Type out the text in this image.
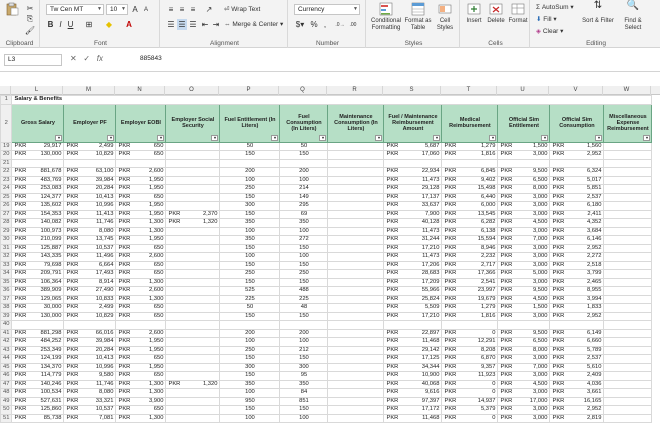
✂
⎘
🖌
Clipboard
Tw Cen MT	▼	10 ▼ A	A
B I U	⊞	◆	A
Font
≡ ≡ ≡	↗
☰ ☰ ☰ ⇤ ⇥
⏎ Wrap Text
⇔ Merge & Center ▾
Alignment
Currency	▼
$▾ % ,	.0→ .00
Number
Conditional Formatting
Format as Table
Cell Styles
Styles
Insert Delete Format
Cells
Σ AutoSum ▾
⬇ Fill ▾
◈ Clear ▾
⇅
Sort & Filter
🔍
Find & Select
Editing
L3	✕ ✓ fx	885843
L	M	N	O	P	Q	R	S	T	U	V	W
1	Salary & Benefits											
2	Gross Salary
▾	Employer PF
▾	Employer EOBI
▾	Employer Social Security
▾	Fuel Entitlement (In Liters)
▾	Fuel Consumption (In Liters)
▾	Maintenance Consumption (In Liters)
▾	Fuel / Maintenance Reimbursement Amount
▾	Medical Reimbursement
▾	Official Sim Entitlement
▾	Official Sim Consumption
▾	Miscellaneous Expense Reimbursement
▾

19	PKR 29,917	PKR 2,499	PKR 650		50	50		PKR 5,687	PKR 1,279	PKR 1,500	PKR 1,560	

20	PKR 130,000	PKR 10,829	PKR 650		150	150		PKR 17,060	PKR 1,816	PKR 3,000	PKR 2,952	

21												
22	PKR 881,678	PKR 63,100	PKR 2,600		200	200		PKR 22,934	PKR 6,845	PKR 9,500	PKR 6,324	

23	PKR 483,769	PKR 39,984	PKR 1,950		100	100		PKR 11,473	PKR 9,402	PKR 6,500	PKR 5,017	

24	PKR 253,083	PKR 20,284	PKR 1,950		250	214		PKR 29,128	PKR 15,498	PKR 8,000	PKR 5,851	

25	PKR 124,377	PKR 10,413	PKR 650		150	149		PKR 17,137	PKR 6,440	PKR 3,000	PKR 2,537	

26	PKR 135,602	PKR 10,996	PKR 1,950		300	295		PKR 33,637	PKR 6,000	PKR 3,000	PKR 6,180	

27	PKR 154,353	PKR 11,413	PKR 1,950	PKR 2,370	150	69		PKR 7,900	PKR 13,545	PKR 3,000	PKR 2,411	

28	PKR 140,082	PKR 11,746	PKR 1,300	PKR 1,320	350	350		PKR 40,128	PKR 6,282	PKR 4,500	PKR 4,352	

29	PKR 100,973	PKR 8,080	PKR 1,300		100	100		PKR 11,473	PKR 6,138	PKR 3,000	PKR 3,684	

30	PKR 210,099	PKR 13,745	PKR 1,950		350	272		PKR 31,244	PKR 15,594	PKR 7,000	PKR 6,146	

31	PKR 125,887	PKR 10,537	PKR 650		150	150		PKR 17,210	PKR 8,946	PKR 3,000	PKR 2,952	

32	PKR 143,335	PKR 11,496	PKR 2,600		100	100		PKR 11,473	PKR 2,232	PKR 3,000	PKR 2,272	

33	PKR 79,698	PKR 6,664	PKR 650		150	150		PKR 17,206	PKR 2,717	PKR 3,000	PKR 2,518	

34	PKR 209,791	PKR 17,493	PKR 650		250	250		PKR 28,683	PKR 17,366	PKR 5,000	PKR 3,799	

35	PKR 106,364	PKR 8,914	PKR 1,300		150	150		PKR 17,209	PKR 2,541	PKR 3,000	PKR 2,465	

36	PKR 389,909	PKR 27,490	PKR 2,600		525	488		PKR 55,966	PKR 23,997	PKR 9,500	PKR 8,955	

37	PKR 129,065	PKR 10,833	PKR 1,300		225	225		PKR 25,824	PKR 19,679	PKR 4,500	PKR 3,994	

38	PKR 30,000	PKR 2,499	PKR 650		50	48		PKR 5,509	PKR 1,279	PKR 1,500	PKR 1,833	

39	PKR 130,000	PKR 10,829	PKR 650		150	150		PKR 17,210	PKR 1,816	PKR 3,000	PKR 2,952	

40												
41	PKR 881,298	PKR 66,016	PKR 2,600		200	200		PKR 22,897	PKR 0	PKR 9,500	PKR 6,149	

42	PKR 484,252	PKR 39,984	PKR 1,950		100	100		PKR 11,468	PKR 12,291	PKR 6,500	PKR 6,660	

43	PKR 253,349	PKR 20,284	PKR 1,950		250	212		PKR 29,142	PKR 8,208	PKR 8,000	PKR 5,789	

44	PKR 124,199	PKR 10,413	PKR 650		150	150		PKR 17,125	PKR 6,870	PKR 3,000	PKR 2,537	

45	PKR 134,370	PKR 10,996	PKR 1,950		300	300		PKR 34,344	PKR 9,357	PKR 7,000	PKR 5,610	

46	PKR 114,779	PKR 9,580	PKR 650		150	95		PKR 10,900	PKR 11,923	PKR 3,000	PKR 2,409	

47	PKR 140,246	PKR 11,746	PKR 1,300	PKR 1,320	350	350		PKR 40,068	PKR 0	PKR 4,500	PKR 4,036	

48	PKR 100,534	PKR 8,080	PKR 1,300		100	84		PKR 9,616	PKR 0	PKR 3,000	PKR 3,661	

49	PKR 527,631	PKR 33,321	PKR 3,900		950	851		PKR 97,397	PKR 14,937	PKR 17,000	PKR 16,165	

50	PKR 125,860	PKR 10,537	PKR 650		150	150		PKR 17,172	PKR 5,379	PKR 3,000	PKR 2,952	

51	PKR 85,738	PKR 7,081	PKR 1,300		100	100		PKR 11,468	PKR 0	PKR 3,000	PKR 2,819	
